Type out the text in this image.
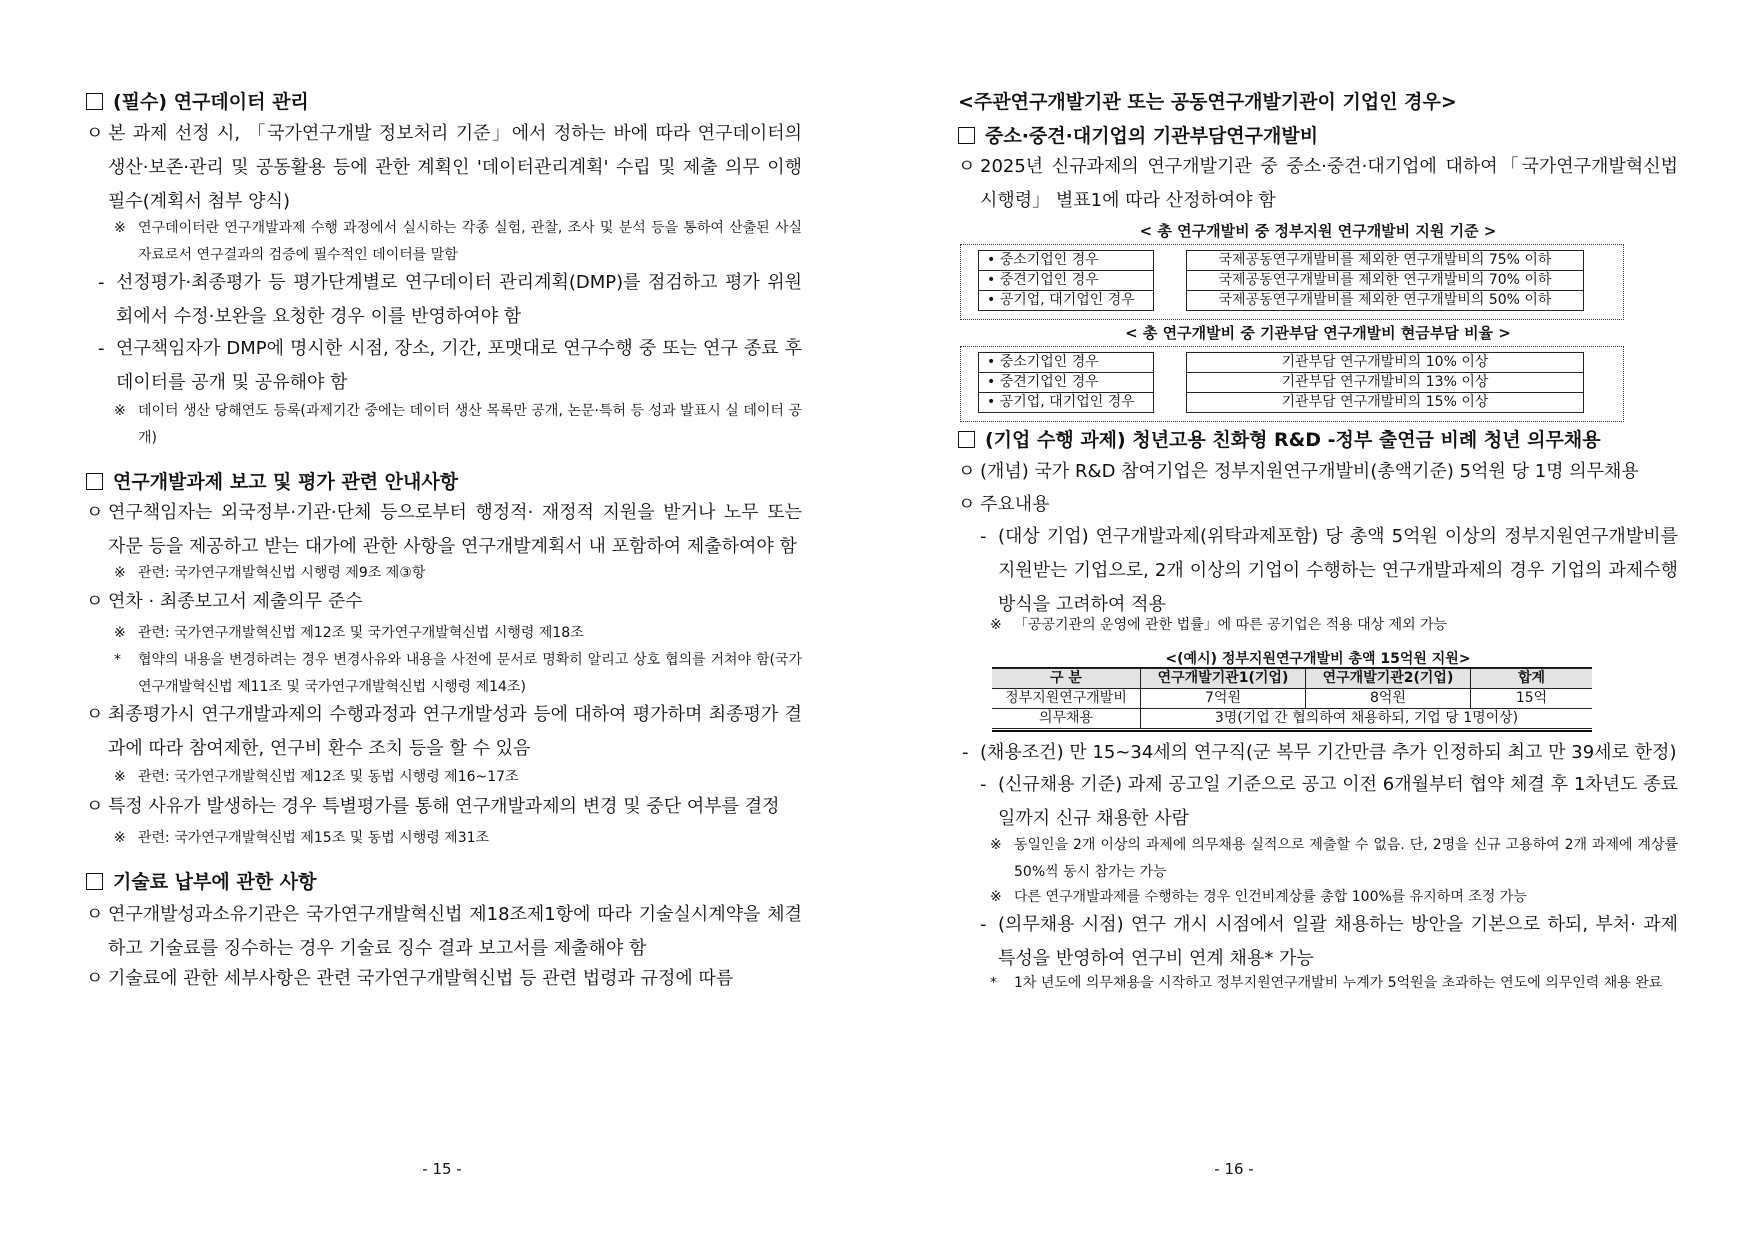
(필수) 연구데이터 관리
ㅇ 본 과제 선정 시, 「국가연구개발 정보처리 기준」에서 정하는 바에 따라 연구데이터의 생산·보존·관리 및 공동활용 등에 관한 계획인 '데이터관리계획' 수립 및 제출 의무 이행 필수(계획서 첨부 양식)
※ 연구데이터란 연구개발과제 수행 과정에서 실시하는 각종 실험, 관찰, 조사 및 분석 등을 통하여 산출된 사실 자료로서 연구결과의 검증에 필수적인 데이터를 말함
- 선정평가·최종평가 등 평가단계별로 연구데이터 관리계획(DMP)를 점검하고 평가 위원회에서 수정·보완을 요청한 경우 이를 반영하여야 함
- 연구책임자가 DMP에 명시한 시점, 장소, 기간, 포맷대로 연구수행 중 또는 연구 종료 후 데이터를 공개 및 공유해야 함
※ 데이터 생산 당해연도 등록(과제기간 중에는 데이터 생산 목록만 공개, 논문·특허 등 성과 발표시 실 데이터 공개)
연구개발과제 보고 및 평가 관련 안내사항
ㅇ 연구책임자는 외국정부·기관·단체 등으로부터 행정적· 재정적 지원을 받거나 노무 또는 자문 등을 제공하고 받는 대가에 관한 사항을 연구개발계획서 내 포함하여 제출하여야 함
※ 관련: 국가연구개발혁신법 시행령 제9조 제③항
ㅇ 연차 · 최종보고서 제출의무 준수
※ 관련: 국가연구개발혁신법 제12조 및 국가연구개발혁신법 시행령 제18조
* 협약의 내용을 변경하려는 경우 변경사유와 내용을 사전에 문서로 명확히 알리고 상호 협의를 거쳐야 함(국가연구개발혁신법 제11조 및 국가연구개발혁신법 시행령 제14조)
ㅇ 최종평가시 연구개발과제의 수행과정과 연구개발성과 등에 대하여 평가하며 최종평가 결과에 따라 참여제한, 연구비 환수 조치 등을 할 수 있음
※ 관련: 국가연구개발혁신법 제12조 및 동법 시행령 제16~17조
ㅇ 특정 사유가 발생하는 경우 특별평가를 통해 연구개발과제의 변경 및 중단 여부를 결정
※ 관련: 국가연구개발혁신법 제15조 및 동법 시행령 제31조
기술료 납부에 관한 사항
ㅇ 연구개발성과소유기관은 국가연구개발혁신법 제18조제1항에 따라 기술실시계약을 체결하고 기술료를 징수하는 경우 기술료 징수 결과 보고서를 제출해야 함
ㅇ 기술료에 관한 세부사항은 관련 국가연구개발혁신법 등 관련 법령과 규정에 따름
- 15 -
<주관연구개발기관 또는 공동연구개발기관이 기업인 경우>
중소·중견·대기업의 기관부담연구개발비
ㅇ 2025년 신규과제의 연구개발기관 중 중소·중견·대기업에 대하여「국가연구개발혁신법 시행령」 별표1에 따라 산정하여야 함
< 총 연구개발비 중 정부지원 연구개발비 지원 기준 >
• 중소기업인 경우		국제공동연구개발비를 제외한 연구개발비의 75% 이하
• 중견기업인 경우		국제공동연구개발비를 제외한 연구개발비의 70% 이하
• 공기업, 대기업인 경우		국제공동연구개발비를 제외한 연구개발비의 50% 이하
< 총 연구개발비 중 기관부담 연구개발비 현금부담 비율 >
• 중소기업인 경우		기관부담 연구개발비의 10% 이상
• 중견기업인 경우		기관부담 연구개발비의 13% 이상
• 공기업, 대기업인 경우		기관부담 연구개발비의 15% 이상
(기업 수행 과제) 청년고용 친화형 R&D -정부 출연금 비례 청년 의무채용
ㅇ (개념) 국가 R&D 참여기업은 정부지원연구개발비(총액기준) 5억원 당 1명 의무채용
ㅇ 주요내용
- (대상 기업) 연구개발과제(위탁과제포함) 당 총액 5억원 이상의 정부지원연구개발비를 지원받는 기업으로, 2개 이상의 기업이 수행하는 연구개발과제의 경우 기업의 과제수행 방식을 고려하여 적용
※ 「공공기관의 운영에 관한 법률」에 따른 공기업은 적용 대상 제외 가능
<(예시) 정부지원연구개발비 총액 15억원 지원>
구 분	연구개발기관1(기업)	연구개발기관2(기업)	합계
정부지원연구개발비	7억원	8억원	15억
의무채용	3명(기업 간 협의하여 채용하되, 기업 당 1명이상)		
- (채용조건) 만 15~34세의 연구직(군 복무 기간만큼 추가 인정하되 최고 만 39세로 한정)
- (신규채용 기준) 과제 공고일 기준으로 공고 이전 6개월부터 협약 체결 후 1차년도 종료일까지 신규 채용한 사람
※ 동일인을 2개 이상의 과제에 의무채용 실적으로 제출할 수 없음. 단, 2명을 신규 고용하여 2개 과제에 계상률 50%씩 동시 참가는 가능
※ 다른 연구개발과제를 수행하는 경우 인건비계상률 총합 100%를 유지하며 조정 가능
- (의무채용 시점) 연구 개시 시점에서 일괄 채용하는 방안을 기본으로 하되, 부처· 과제 특성을 반영하여 연구비 연계 채용* 가능
* 1차 년도에 의무채용을 시작하고 정부지원연구개발비 누계가 5억원을 초과하는 연도에 의무인력 채용 완료
- 16 -
